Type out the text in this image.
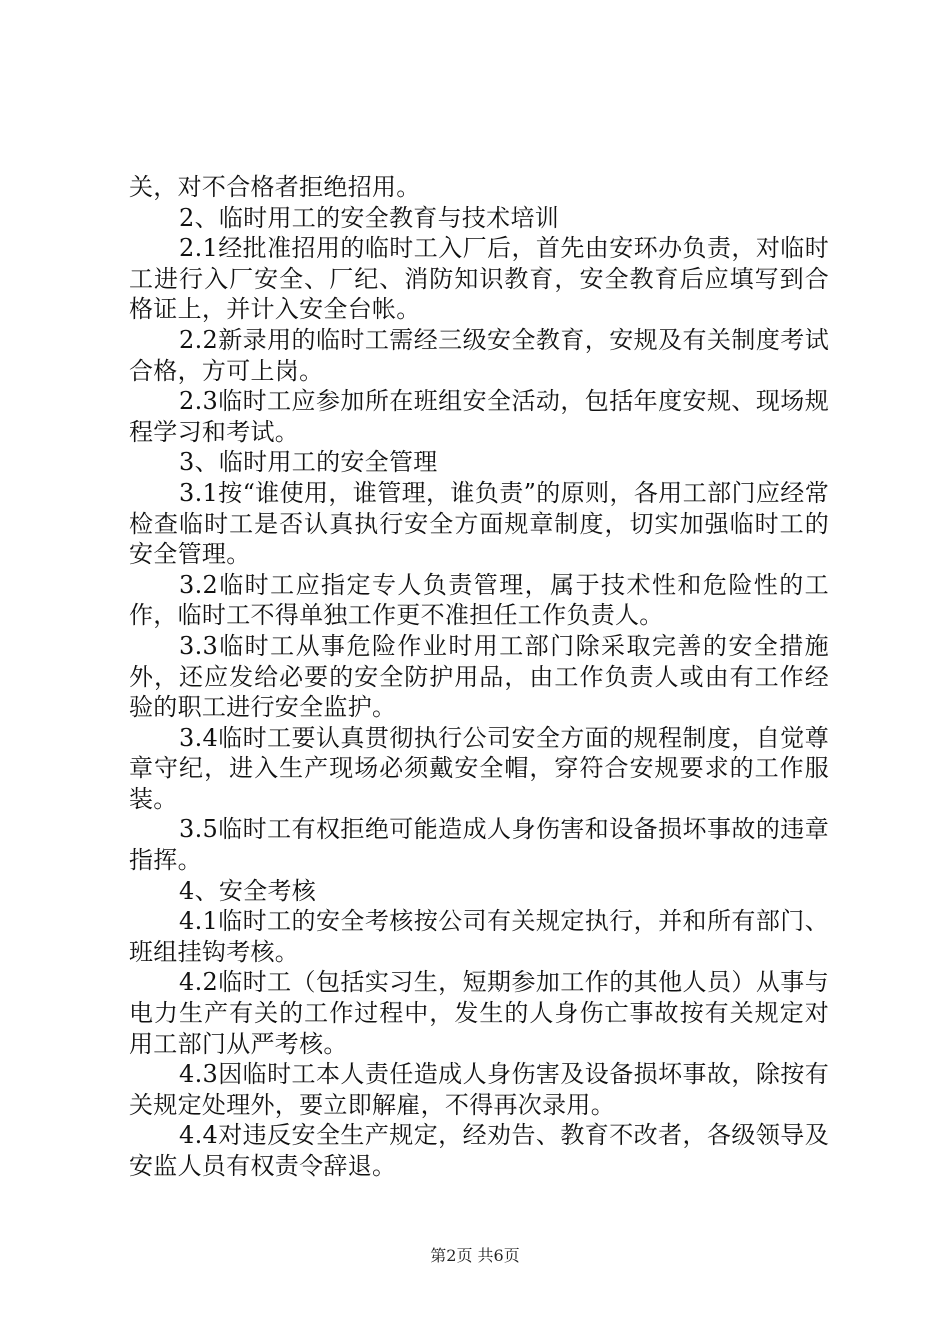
关，对不合格者拒绝招用。

2、临时用工的安全教育与技术培训

2.1经批准招用的临时工入厂后，首先由安环办负责，对临时工进行入厂安全、厂纪、消防知识教育，安全教育后应填写到合格证上，并计入安全台帐。

2.2新录用的临时工需经三级安全教育，安规及有关制度考试合格，方可上岗。

2.3临时工应参加所在班组安全活动，包括年度安规、现场规程学习和考试。

3、临时用工的安全管理

3.1按“谁使用，谁管理，谁负责”的原则，各用工部门应经常检查临时工是否认真执行安全方面规章制度，切实加强临时工的安全管理。

3.2临时工应指定专人负责管理，属于技术性和危险性的工作，临时工不得单独工作更不准担任工作负责人。

3.3临时工从事危险作业时用工部门除采取完善的安全措施外，还应发给必要的安全防护用品，由工作负责人或由有工作经验的职工进行安全监护。

3.4临时工要认真贯彻执行公司安全方面的规程制度，自觉尊章守纪，进入生产现场必须戴安全帽，穿符合安规要求的工作服装。

3.5临时工有权拒绝可能造成人身伤害和设备损坏事故的违章指挥。

4、安全考核

4.1临时工的安全考核按公司有关规定执行，并和所有部门、班组挂钩考核。

4.2临时工（包括实习生，短期参加工作的其他人员）从事与电力生产有关的工作过程中，发生的人身伤亡事故按有关规定对用工部门从严考核。

4.3因临时工本人责任造成人身伤害及设备损坏事故，除按有关规定处理外，要立即解雇，不得再次录用。

4.4对违反安全生产规定，经劝告、教育不改者，各级领导及安监人员有权责令辞退。

第2页 共6页
